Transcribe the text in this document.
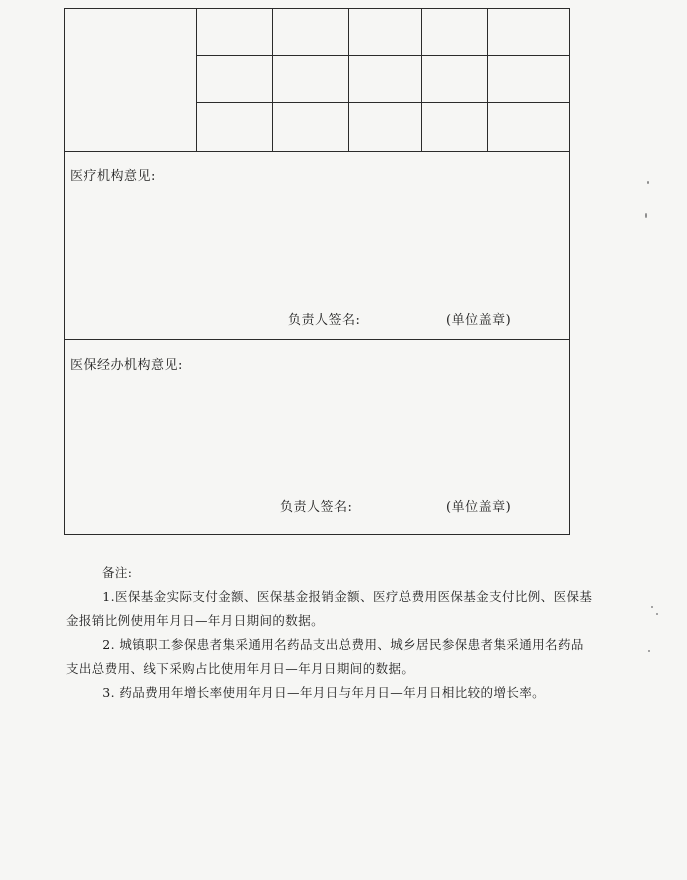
医疗机构意见:
负责人签名:	(单位盖章)
医保经办机构意见:
负责人签名:	(单位盖章)

备注:

1.医保基金实际支付金额、医保基金报销金额、医疗总费用医保基金支付比例、医保基金报销比例使用年月日—年月日期间的数据。

2. 城镇职工参保患者集采通用名药品支出总费用、城乡居民参保患者集采通用名药品支出总费用、线下采购占比使用年月日—年月日期间的数据。

3. 药品费用年增长率使用年月日—年月日与年月日—年月日相比较的增长率。
